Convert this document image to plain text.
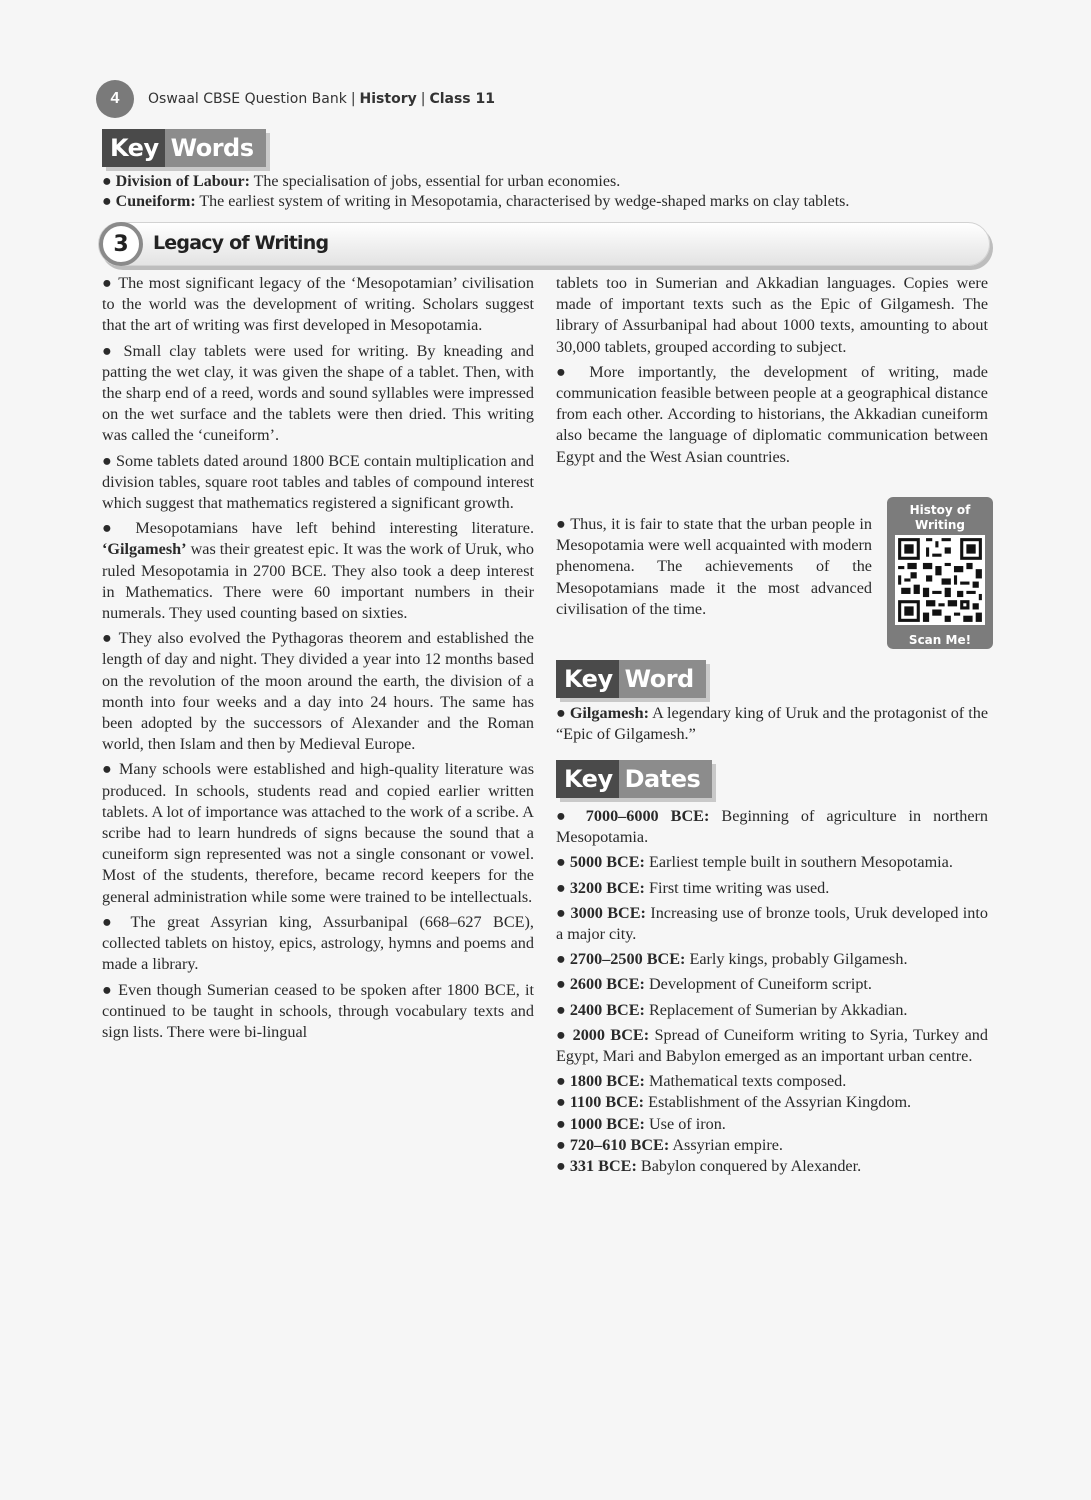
4	Oswaal CBSE Question Bank | History | Class 11
Key Words

● Division of Labour: The specialisation of jobs, essential for urban economies.

● Cuneiform: The earliest system of writing in Mesopotamia, characterised by wedge-shaped marks on clay tablets.

3	Legacy of Writing

● The most significant legacy of the ‘Mesopotamian’ civilisation to the world was the development of writing. Scholars suggest that the art of writing was first developed in Mesopotamia.

● Small clay tablets were used for writing. By kneading and patting the wet clay, it was given the shape of a tablet. Then, with the sharp end of a reed, words and sound syllables were impressed on the wet surface and the tablets were then dried. This writing was called the ‘cuneiform’.

● Some tablets dated around 1800 BCE contain multiplication and division tables, square root tables and tables of compound interest which suggest that mathematics registered a significant growth.

● Mesopotamians have left behind interesting literature. ‘Gilgamesh’ was their greatest epic. It was the work of Uruk, who ruled Mesopotamia in 2700 BCE. They also took a deep interest in Mathematics. There were 60 important numbers in their numerals. They used counting based on sixties.

● They also evolved the Pythagoras theorem and established the length of day and night. They divided a year into 12 months based on the revolution of the moon around the earth, the division of a month into four weeks and a day into 24 hours. The same has been adopted by the successors of Alexander and the Roman world, then Islam and then by Medieval Europe.

● Many schools were established and high-quality literature was produced. In schools, students read and copied earlier written tablets. A lot of importance was attached to the work of a scribe. A scribe had to learn hundreds of signs because the sound that a cuneiform sign represented was not a single consonant or vowel. Most of the students, therefore, became record keepers for the general administration while some were trained to be intellectuals.

● The great Assyrian king, Assurbanipal (668–627 BCE), collected tablets on histoy, epics, astrology, hymns and poems and made a library.

● Even though Sumerian ceased to be spoken after 1800 BCE, it continued to be taught in schools, through vocabulary texts and sign lists. There were bi-lingual

tablets too in Sumerian and Akkadian languages. Copies were made of important texts such as the Epic of Gilgamesh. The library of Assurbanipal had about 1000 texts, amounting to about 30,000 tablets, grouped according to subject.

● More importantly, the development of writing, made communication feasible between people at a geographical distance from each other. According to historians, the Akkadian cuneiform also became the language of diplomatic communication between Egypt and the West Asian countries.

● Thus, it is fair to state that the urban people in Mesopotamia were well acquainted with modern phenomena. The achievements of the Mesopotamians made it the most advanced civilisation of the time.

Histoy of Writing
Scan Me!
Key Word
● Gilgamesh: A legendary king of Uruk and the protagonist of the “Epic of Gilgamesh.”
Key Dates

● 7000–6000 BCE: Beginning of agriculture in northern Mesopotamia.

● 5000 BCE: Earliest temple built in southern Mesopotamia.

● 3200 BCE: First time writing was used.

● 3000 BCE: Increasing use of bronze tools, Uruk developed into a major city.

● 2700–2500 BCE: Early kings, probably Gilgamesh.

● 2600 BCE: Development of Cuneiform script.

● 2400 BCE: Replacement of Sumerian by Akkadian.

● 2000 BCE: Spread of Cuneiform writing to Syria, Turkey and Egypt, Mari and Babylon emerged as an important urban centre.

● 1800 BCE: Mathematical texts composed.

● 1100 BCE: Establishment of the Assyrian Kingdom.

● 1000 BCE: Use of iron.

● 720–610 BCE: Assyrian empire.

● 331 BCE: Babylon conquered by Alexander.
